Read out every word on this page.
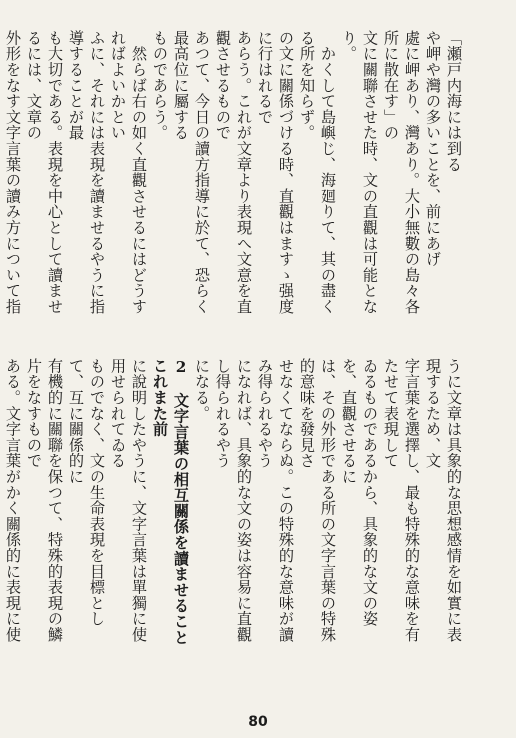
「瀬戸内海には到る
や岬や灣の多いことを、前にあげ
處に岬あり、灣あり。大小無數の島々各所に散在す」の
文に關聯させた時、文の直觀は可能となり。
　かくして島嶼じ、海廻りて、其の盡くる所を知らず。
の文に關係づける時、直觀はますゝ强度に行はれるで
あらう。これが文章より表現へ文意を直觀させるもので
あつて、今日の讀方指導に於て、恐らく最高位に屬する
ものであらう。
　然らば右の如く直觀させるにはどうすればよいかとい
ふに、それには表現を讀ませるやうに指導することが最
も大切である。表現を中心として讀ませるには、文章の
外形をなす文字言葉の讀み方について指
うに文章は具象的な思想感情を如實に表現するため、文
字言葉を選擇し、最も特殊的な意味を有たせて表現して
ゐるものであるから、具象的な文の姿を、直觀させるに
は、その外形である所の文字言葉の特殊的意味を發見さ
せなくてならぬ。この特殊的な意味が讀み得られるやう
になれば、具象的な文の姿は容易に直觀し得られるやう
になる。
2　文字言葉の相互關係を讀ませること　これまた前
に說明したやうに、文字言葉は單獨に使用せられてゐる
ものでなく、文の生命表現を目標として、互に關係的に
有機的に關聯を保つて、特殊的表現の鱗片をなすもので
ある。文字言葉がかく關係的に表現に使
80
